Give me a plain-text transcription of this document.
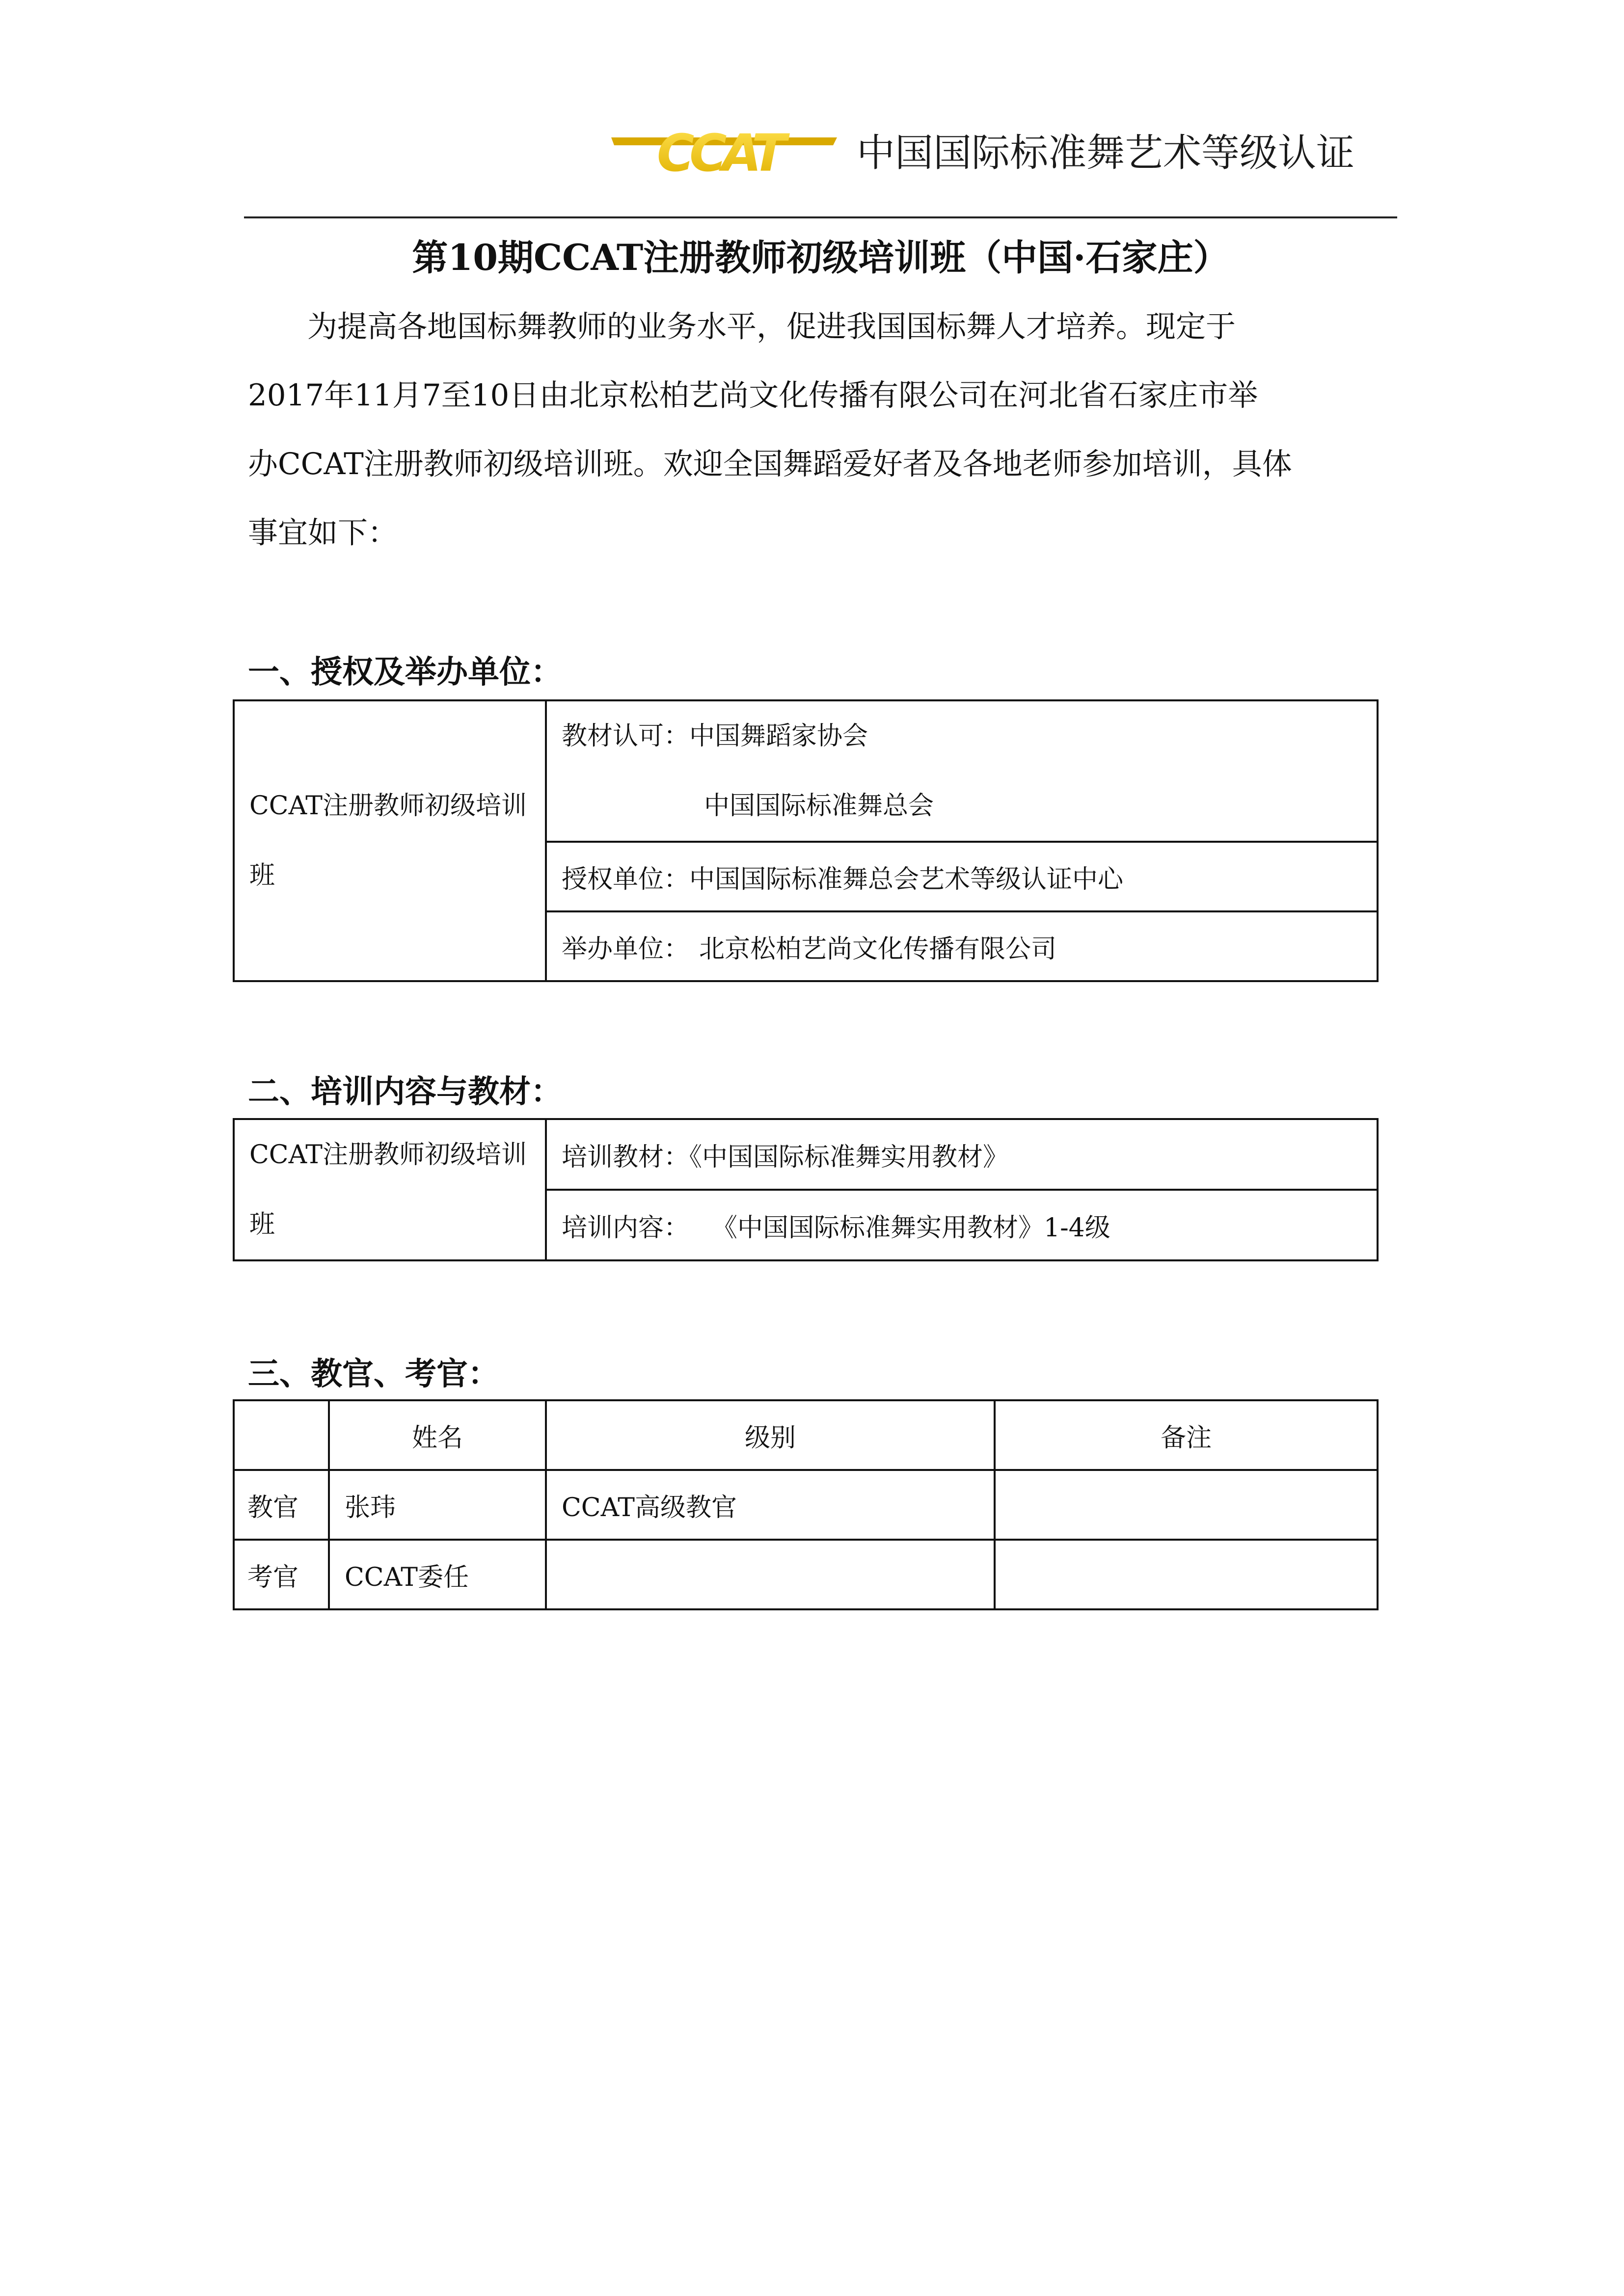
CCAT 中国国际标准舞艺术等级认证
第10期CCAT注册教师初级培训班（中国·石家庄）
为提高各地国标舞教师的业务水平，促进我国国标舞人才培养。现定于
2017年11月7至10日由北京松柏艺尚文化传播有限公司在河北省石家庄市举
办CCAT注册教师初级培训班。欢迎全国舞蹈爱好者及各地老师参加培训，具体
事宜如下：
一、授权及举办单位：
CCAT注册教师初级培训班	教材认可：中国舞蹈家协会
中国国际标准舞总会
授权单位：中国国际标准舞总会艺术等级认证中心
举办单位： 北京松柏艺尚文化传播有限公司
二、培训内容与教材：
CCAT注册教师初级培训班	培训教材：《中国国际标准舞实用教材》
培训内容： 《中国国际标准舞实用教材》1-4级
三、教官、考官：
	姓名	级别	备注
教官	张玮	CCAT高级教官	
考官	CCAT委任		
